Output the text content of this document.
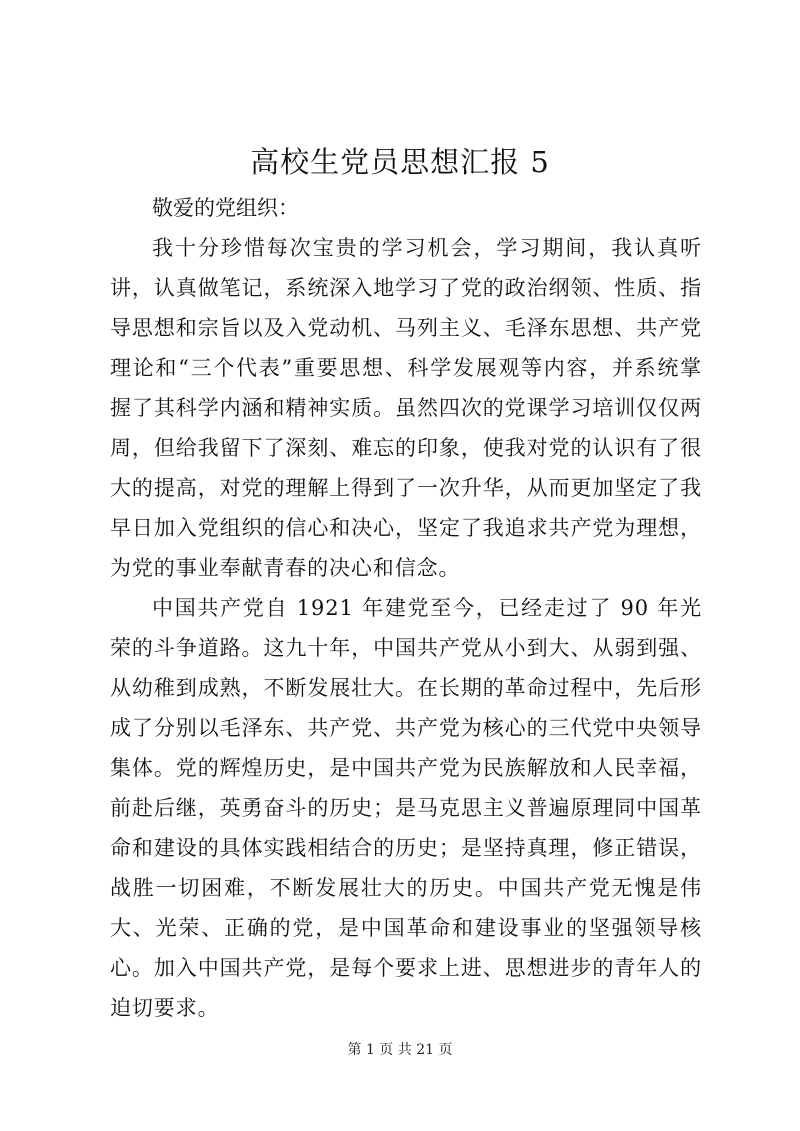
高校生党员思想汇报 5

敬爱的党组织：

我十分珍惜每次宝贵的学习机会，学习期间，我认真听讲，认真做笔记，系统深入地学习了党的政治纲领、性质、指导思想和宗旨以及入党动机、马列主义、毛泽东思想、共产党理论和“三个代表”重要思想、科学发展观等内容，并系统掌握了其科学内涵和精神实质。虽然四次的党课学习培训仅仅两周，但给我留下了深刻、难忘的印象，使我对党的认识有了很大的提高，对党的理解上得到了一次升华，从而更加坚定了我早日加入党组织的信心和决心，坚定了我追求共产党为理想，为党的事业奉献青春的决心和信念。

中国共产党自 1921 年建党至今，已经走过了 90 年光荣的斗争道路。这九十年，中国共产党从小到大、从弱到强、从幼稚到成熟，不断发展壮大。在长期的革命过程中，先后形成了分别以毛泽东、共产党、共产党为核心的三代党中央领导集体。党的辉煌历史，是中国共产党为民族解放和人民幸福，前赴后继，英勇奋斗的历史；是马克思主义普遍原理同中国革命和建设的具体实践相结合的历史；是坚持真理，修正错误，战胜一切困难，不断发展壮大的历史。中国共产党无愧是伟大、光荣、正确的党，是中国革命和建设事业的坚强领导核心。加入中国共产党，是每个要求上进、思想进步的青年人的迫切要求。

第 1 页 共 21 页
